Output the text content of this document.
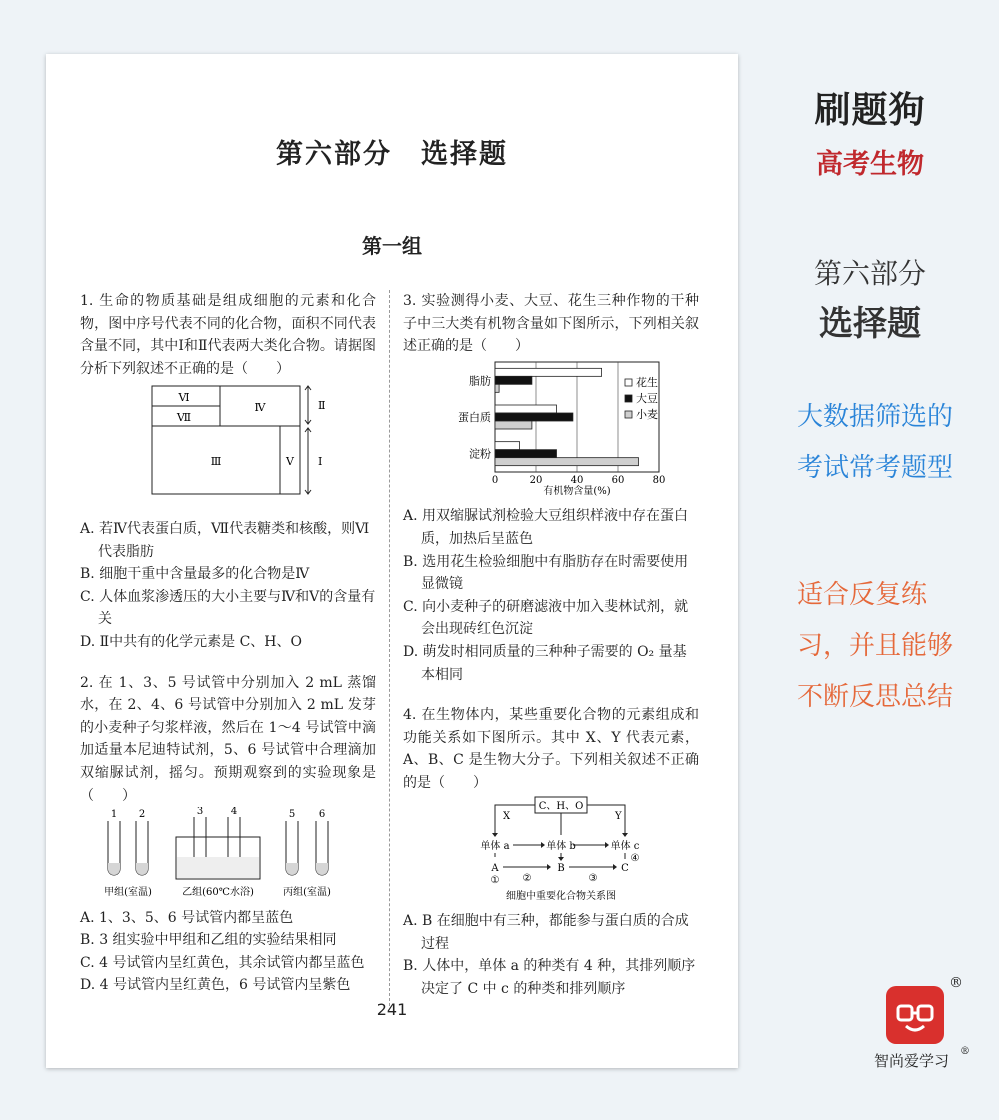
第六部分　选择题
第一组

1. 生命的物质基础是组成细胞的元素和化合物，图中序号代表不同的化合物，面积不同代表含量不同，其中Ⅰ和Ⅱ代表两大类化合物。请据图分析下列叙述不正确的是（　　）

Ⅵ
Ⅶ
Ⅳ
Ⅲ	Ⅴ
Ⅱ
Ⅰ

A. 若Ⅳ代表蛋白质，Ⅶ代表糖类和核酸，则Ⅵ代表脂肪

B. 细胞干重中含量最多的化合物是Ⅳ

C. 人体血浆渗透压的大小主要与Ⅳ和Ⅴ的含量有关

D. Ⅱ中共有的化学元素是 C、H、O

2. 在 1、3、5 号试管中分别加入 2 mL 蒸馏水，在 2、4、6 号试管中分别加入 2 mL 发芽的小麦种子匀浆样液，然后在 1～4 号试管中滴加适量本尼迪特试剂，5、6 号试管中合理滴加双缩脲试剂，摇匀。预期观察到的实验现象是（　　）

1 2	3	4	5 6
甲组(室温)	乙组(60℃水浴)	丙组(室温)

A. 1、3、5、6 号试管内都呈蓝色

B. 3 组实验中甲组和乙组的实验结果相同

C. 4 号试管内呈红黄色，其余试管内都呈蓝色

D. 4 号试管内呈红黄色，6 号试管内呈紫色

3. 实验测得小麦、大豆、花生三种作物的干种子中三大类有机物含量如下图所示，下列相关叙述正确的是（　　）

脂肪
蛋白质
淀粉
0	20	40	60	80
花生
大豆
小麦
有机物含量(%)

A. 用双缩脲试剂检验大豆组织样液中存在蛋白质，加热后呈蓝色

B. 选用花生检验细胞中有脂肪存在时需要使用显微镜

C. 向小麦种子的研磨滤液中加入斐林试剂，就会出现砖红色沉淀

D. 萌发时相同质量的三种种子需要的 O₂ 量基本相同

4. 在生物体内，某些重要化合物的元素组成和功能关系如下图所示。其中 X、Y 代表元素，A、B、C 是生物大分子。下列相关叙述不正确的是（　　）

C、H、O
X	Y
单体 a	单体 b	单体 c
A	B	C
① ②	③
④
细胞中重要化合物关系图

A. B 在细胞中有三种，都能参与蛋白质的合成过程

B. 人体中，单体 a 的种类有 4 种，其排列顺序决定了 C 中 c 的种类和排列顺序

241
刷题狗
高考生物
第六部分
选择题
大数据筛选的考试常考题型
适合反复练习，并且能够不断反思总结
®
智尚爱学习
®
